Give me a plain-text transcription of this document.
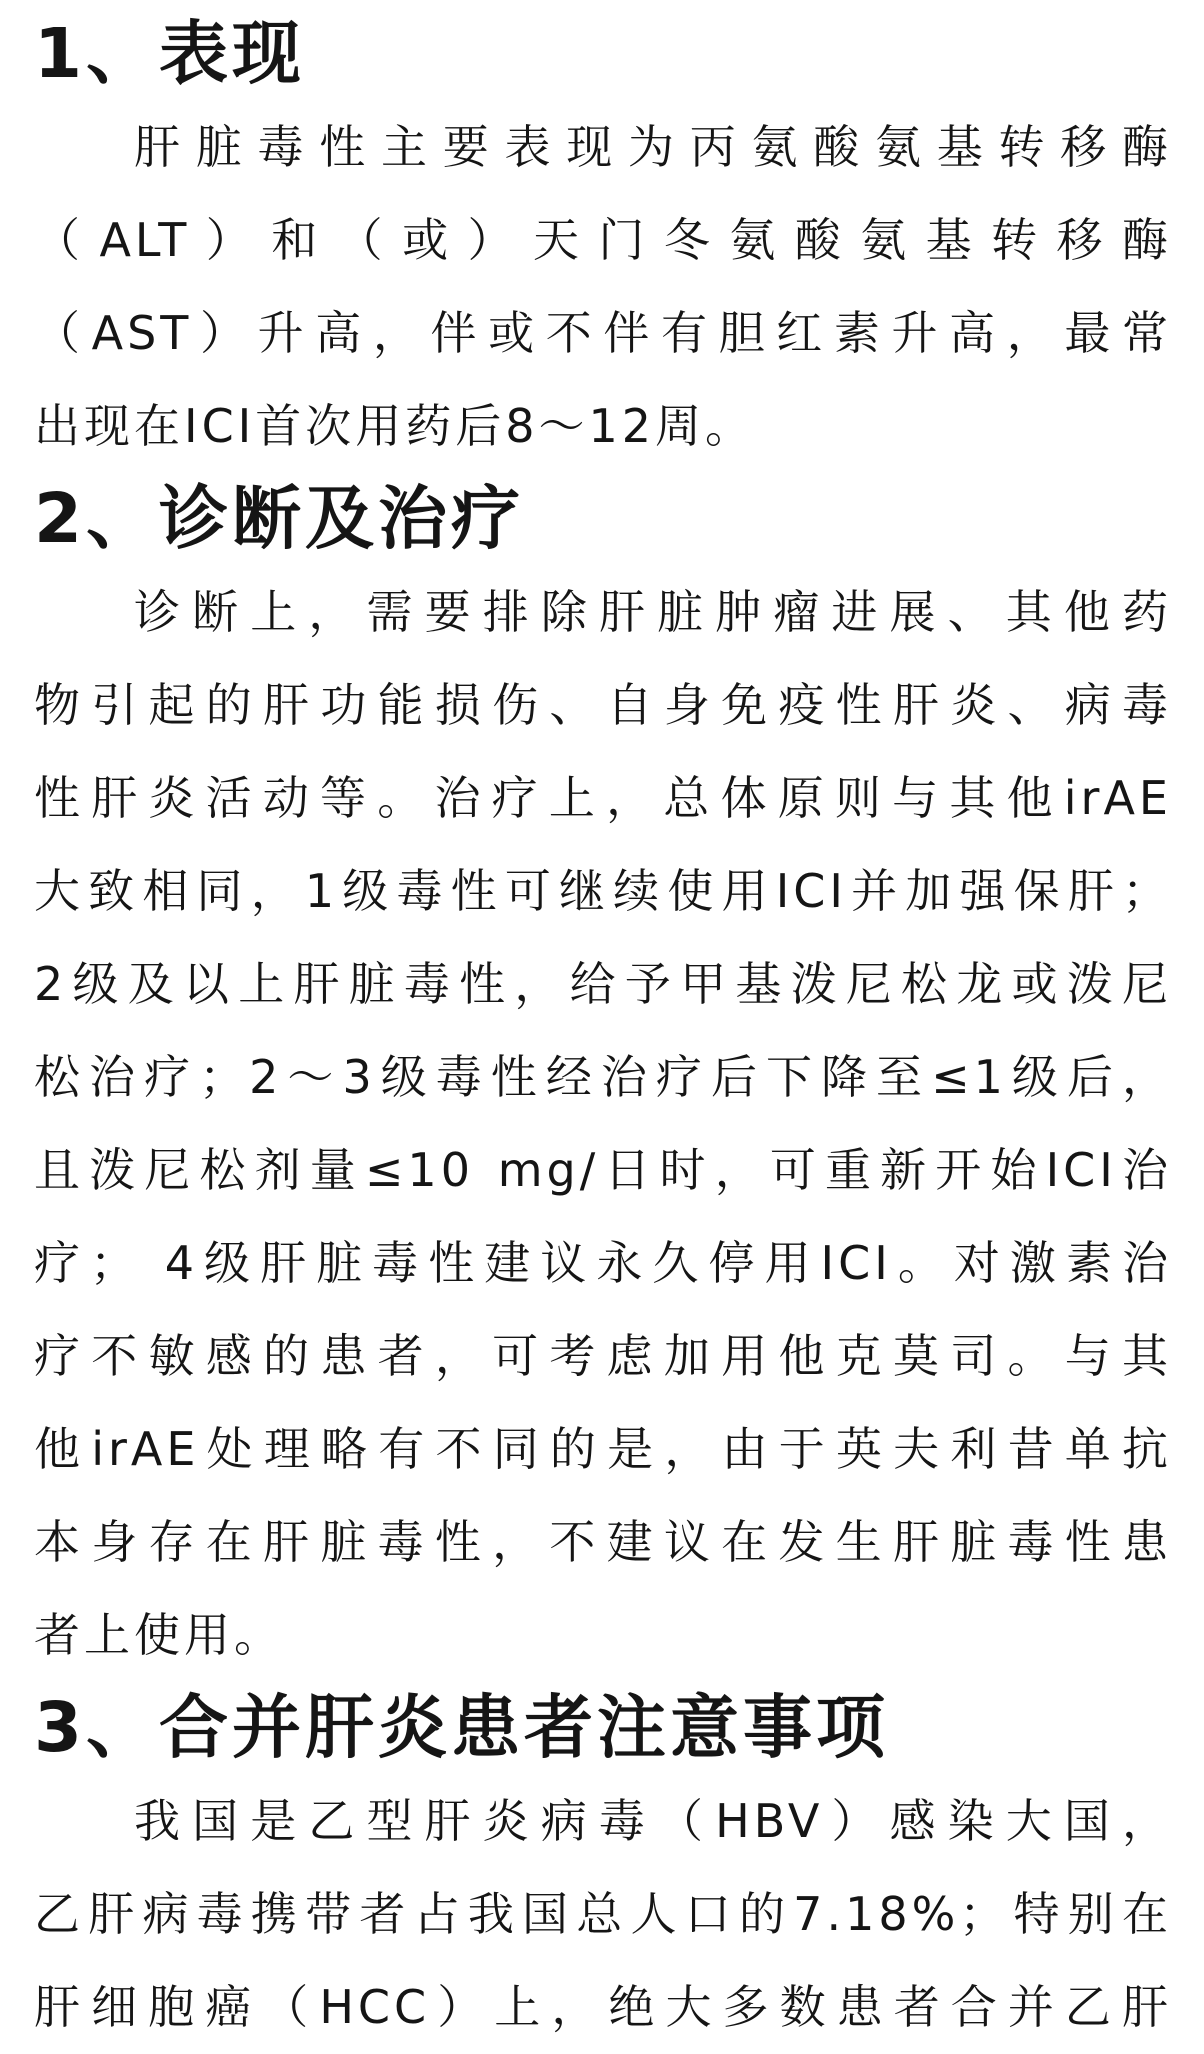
1、表现
肝脏毒性主要表现为丙氨酸氨基转移酶
（ALT）和（或）天门冬氨酸氨基转移酶
（AST）升高，伴或不伴有胆红素升高，最常
出现在ICI首次用药后8～12周。
2、诊断及治疗
诊断上，需要排除肝脏肿瘤进展、其他药
物引起的肝功能损伤、自身免疫性肝炎、病毒
性肝炎活动等。治疗上，总体原则与其他irAE
大致相同，1级毒性可继续使用ICI并加强保肝；
2级及以上肝脏毒性，给予甲基泼尼松龙或泼尼
松治疗；2～3级毒性经治疗后下降至≤1级后，
且泼尼松剂量≤10 mg/日时，可重新开始ICI治
疗； 4级肝脏毒性建议永久停用ICI。对激素治
疗不敏感的患者，可考虑加用他克莫司。与其
他irAE处理略有不同的是，由于英夫利昔单抗
本身存在肝脏毒性，不建议在发生肝脏毒性患
者上使用。
3、合并肝炎患者注意事项
我国是乙型肝炎病毒（HBV）感染大国，
乙肝病毒携带者占我国总人口的7.18%；特别在
肝细胞癌（HCC）上，绝大多数患者合并乙肝
